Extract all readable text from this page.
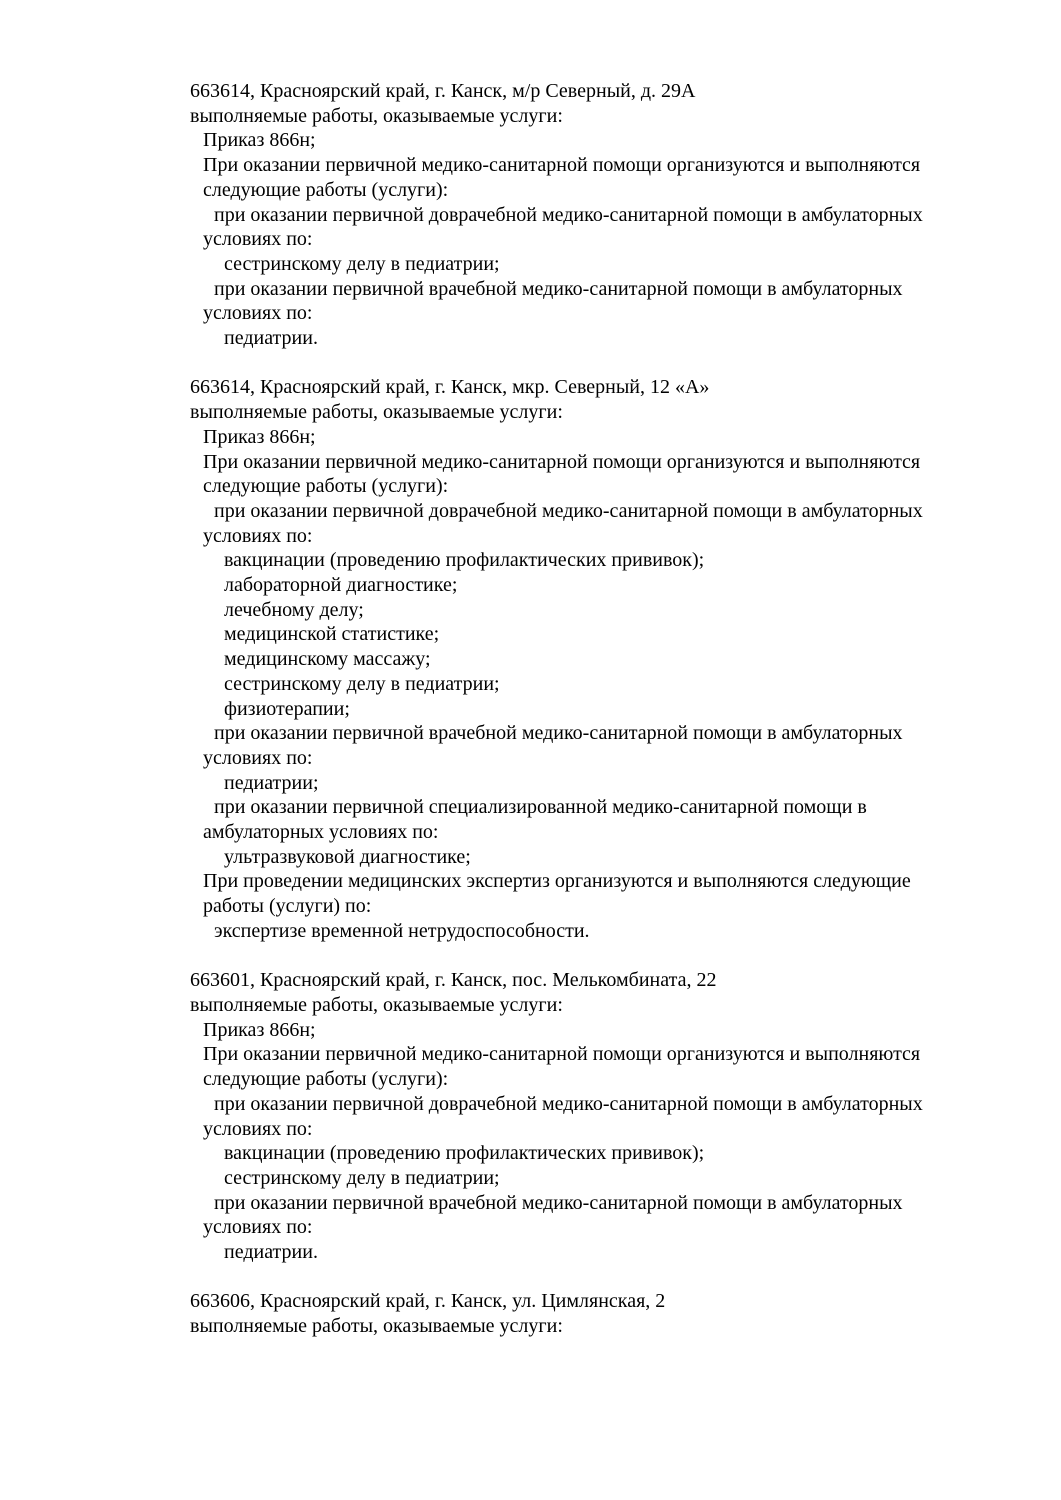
663614, Красноярский край, г. Канск, м/р Северный, д. 29А
выполняемые работы, оказываемые услуги:
Приказ 866н;
При оказании первичной медико-санитарной помощи организуются и выполняются
следующие работы (услуги):
при оказании первичной доврачебной медико-санитарной помощи в амбулаторных
условиях по:
сестринскому делу в педиатрии;
при оказании первичной врачебной медико-санитарной помощи в амбулаторных
условиях по:
педиатрии.
663614, Красноярский край, г. Канск, мкр. Северный, 12 «А»
выполняемые работы, оказываемые услуги:
Приказ 866н;
При оказании первичной медико-санитарной помощи организуются и выполняются
следующие работы (услуги):
при оказании первичной доврачебной медико-санитарной помощи в амбулаторных
условиях по:
вакцинации (проведению профилактических прививок);
лабораторной диагностике;
лечебному делу;
медицинской статистике;
медицинскому массажу;
сестринскому делу в педиатрии;
физиотерапии;
при оказании первичной врачебной медико-санитарной помощи в амбулаторных
условиях по:
педиатрии;
при оказании первичной специализированной медико-санитарной помощи в
амбулаторных условиях по:
ультразвуковой диагностике;
При проведении медицинских экспертиз организуются и выполняются следующие
работы (услуги) по:
экспертизе временной нетрудоспособности.
663601, Красноярский край, г. Канск, пос. Мелькомбината, 22
выполняемые работы, оказываемые услуги:
Приказ 866н;
При оказании первичной медико-санитарной помощи организуются и выполняются
следующие работы (услуги):
при оказании первичной доврачебной медико-санитарной помощи в амбулаторных
условиях по:
вакцинации (проведению профилактических прививок);
сестринскому делу в педиатрии;
при оказании первичной врачебной медико-санитарной помощи в амбулаторных
условиях по:
педиатрии.
663606, Красноярский край, г. Канск, ул. Цимлянская, 2
выполняемые работы, оказываемые услуги:
